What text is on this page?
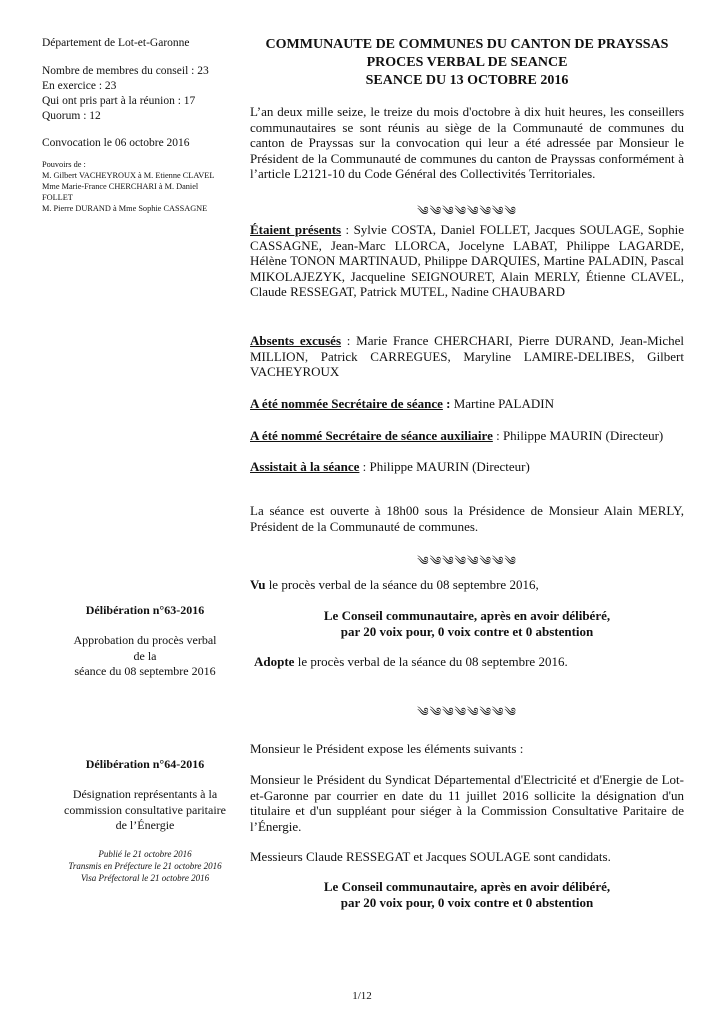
Département de Lot-et-Garonne

Nombre de membres du conseil : 23

En exercice : 23

Qui ont pris part à la réunion : 17

Quorum : 12

Convocation le 06 octobre 2016

Pouvoirs de :

M. Gilbert VACHEYROUX à M. Etienne CLAVEL

Mme Marie-France CHERCHARI à M. Daniel

FOLLET

M. Pierre DURAND à Mme Sophie CASSAGNE

COMMUNAUTE DE COMMUNES DU CANTON DE PRAYSSAS

PROCES VERBAL DE SEANCE

SEANCE DU 13 OCTOBRE 2016

L’an deux mille seize, le treize du mois d'octobre à dix huit heures, les conseillers communautaires se sont réunis au siège de la Communauté de communes du canton de Prayssas sur la convocation qui leur a été adressée par Monsieur le Président de la Communauté de communes du canton de Prayssas conformément à l’article L2121-10 du Code Général des Collectivités Territoriales.

༄༄༄༄༄༄༄༄

Étaient présents : Sylvie COSTA, Daniel FOLLET, Jacques SOULAGE, Sophie CASSAGNE, Jean-Marc LLORCA, Jocelyne LABAT, Philippe LAGARDE, Hélène TONON MARTINAUD, Philippe DARQUIES, Martine PALADIN, Pascal MIKOLAJEZYK, Jacqueline SEIGNOURET, Alain MERLY, Étienne CLAVEL, Claude RESSEGAT, Patrick MUTEL, Nadine CHAUBARD

Absents excusés : Marie France CHERCHARI, Pierre DURAND, Jean-Michel MILLION, Patrick CARREGUES, Maryline LAMIRE-DELIBES, Gilbert VACHEYROUX

A été nommée Secrétaire de séance : Martine PALADIN

A été nommé Secrétaire de séance auxiliaire : Philippe MAURIN (Directeur)

Assistait à la séance : Philippe MAURIN (Directeur)

La séance est ouverte à 18h00 sous la Présidence de Monsieur Alain MERLY, Président de la Communauté de communes.

༄༄༄༄༄༄༄༄

Vu le procès verbal de la séance du 08 septembre 2016,

Délibération n°63-2016

Approbation du procès verbal

de la

séance du 08 septembre 2016

Le Conseil communautaire, après en avoir délibéré,

par 20 voix pour, 0 voix contre et 0 abstention

Adopte le procès verbal de la séance du 08 septembre 2016.

༄༄༄༄༄༄༄༄

Monsieur le Président expose les éléments suivants :

Délibération n°64-2016

Désignation représentants à la

commission consultative paritaire

de l’Énergie

Monsieur le Président du Syndicat Départemental d'Electricité et d'Energie de Lot-et-Garonne par courrier en date du 11 juillet 2016 sollicite la désignation d'un titulaire et d'un suppléant pour siéger à la Commission Consultative Paritaire de l’Énergie.

Publié le 21 octobre 2016

Transmis en Préfecture le 21 octobre 2016

Visa Préfectoral le 21 octobre 2016

Messieurs Claude RESSEGAT et Jacques SOULAGE sont candidats.

Le Conseil communautaire, après en avoir délibéré,

par 20 voix pour, 0 voix contre et 0 abstention

1/12
